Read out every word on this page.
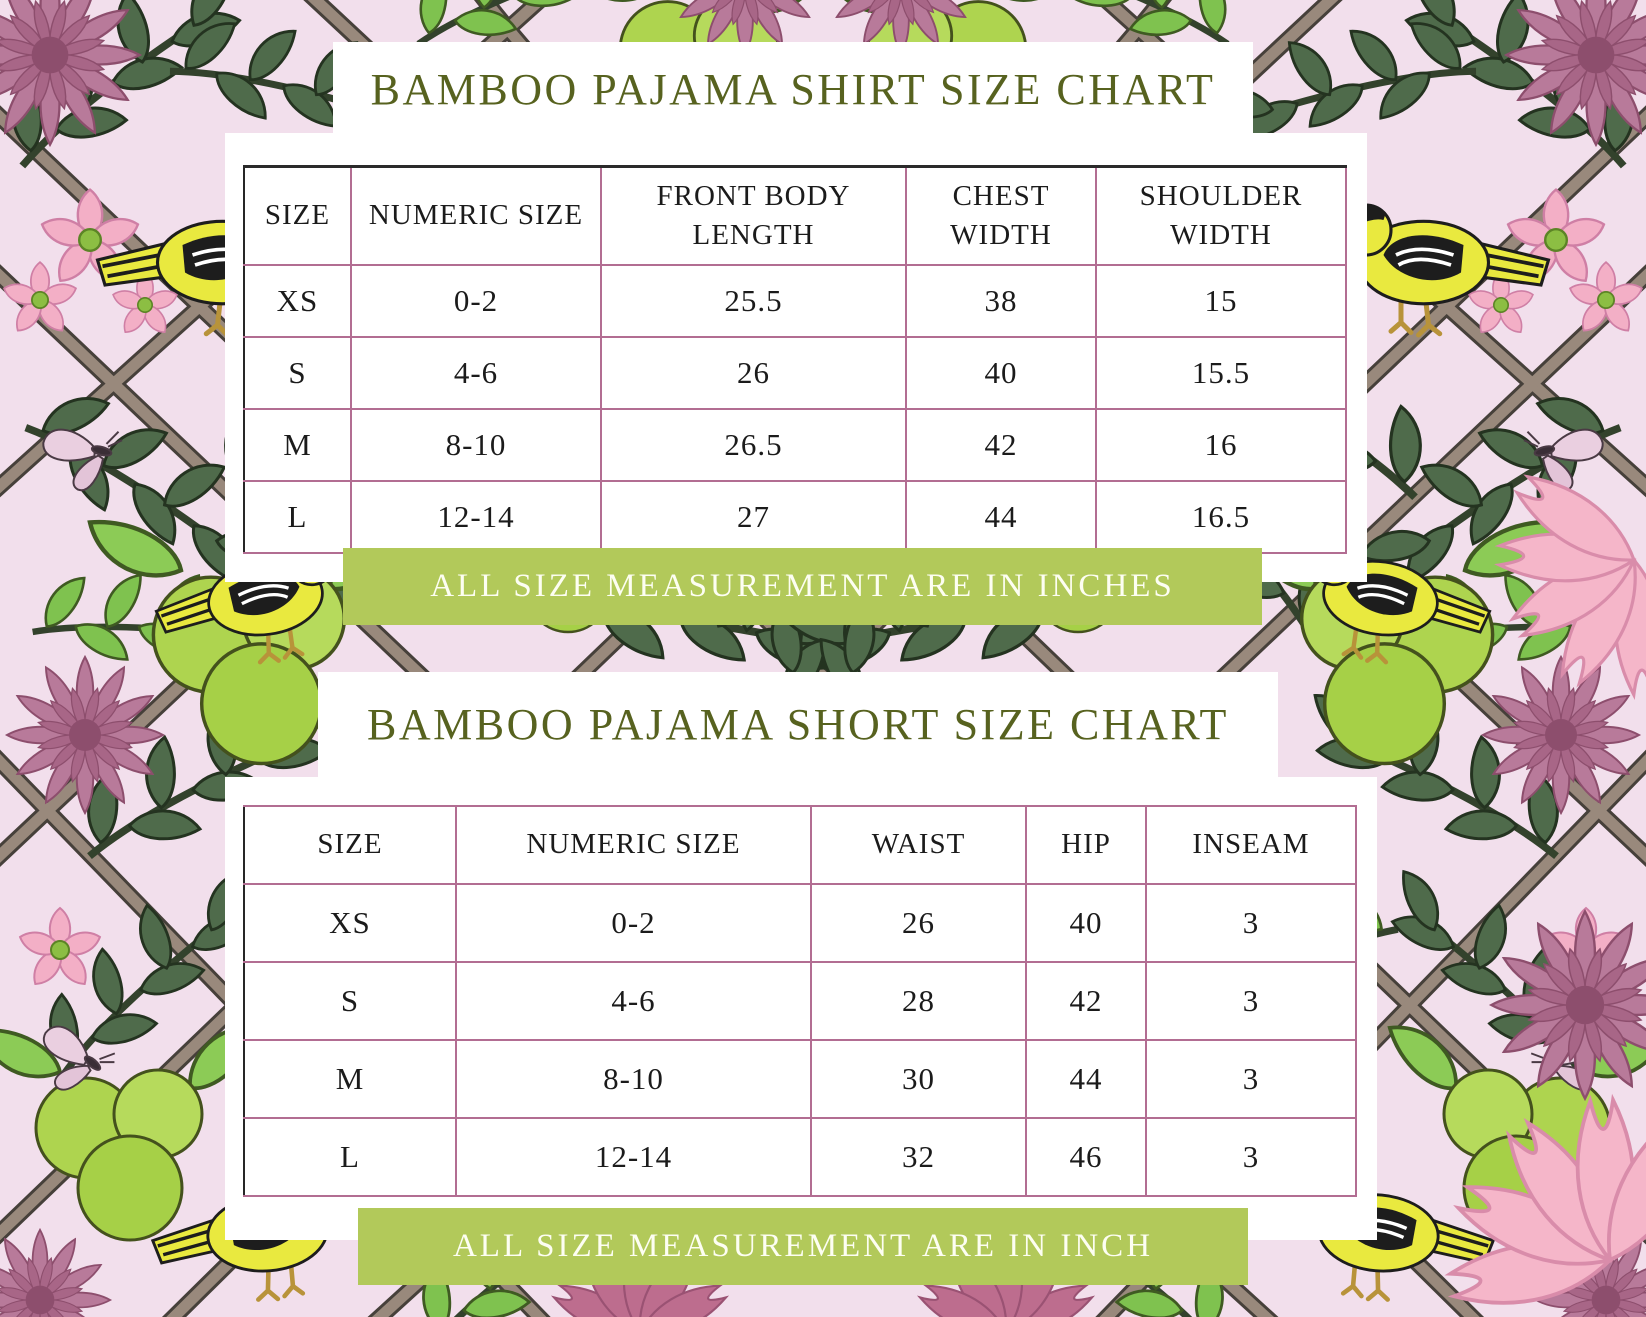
BAMBOO PAJAMA SHIRT SIZE CHART
SIZE	NUMERIC SIZE	FRONT BODY LENGTH	CHEST WIDTH	SHOULDER WIDTH
XS	0-2	25.5	38	15
S	4-6	26	40	15.5
M	8-10	26.5	42	16
L	12-14	27	44	16.5
ALL SIZE MEASUREMENT ARE IN INCHES
BAMBOO PAJAMA SHORT SIZE CHART
SIZE	NUMERIC SIZE	WAIST	HIP	INSEAM
XS	0-2	26	40	3
S	4-6	28	42	3
M	8-10	30	44	3
L	12-14	32	46	3
ALL SIZE MEASUREMENT ARE IN INCH
